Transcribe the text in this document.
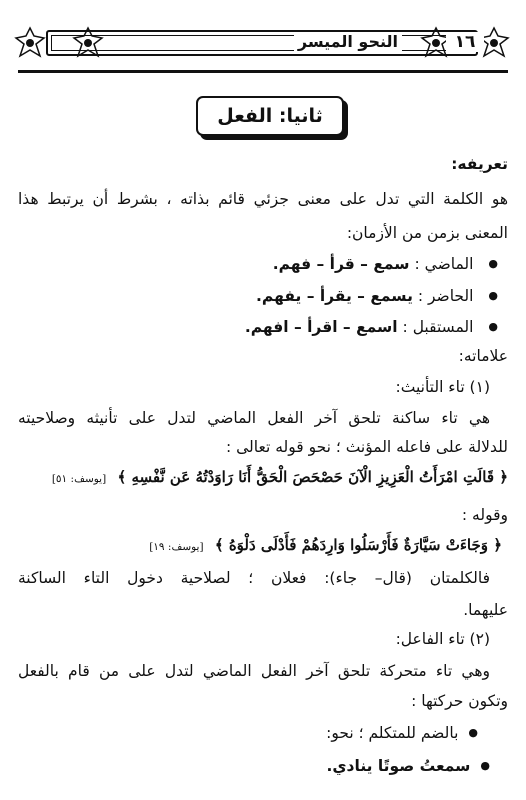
١٦
النحو الميسر
ثانيا: الفعل
تعريفه:
هو الكلمة التي تدل على معنى جزئي قائم بذاته ، بشرط أن يرتبط هذا
المعنى بزمن من الأزمان:
● الماضي : سمع – قرأ – فهم.
● الحاضر : يسمع – يقرأ – يفهم.
● المستقبل : اسمع – اقرأ – افهم.
علاماته:
(١) تاء التأنيث:
هي تاء ساكنة تلحق آخر الفعل الماضي لتدل على تأنيثه وصلاحيته
للدلالة على فاعله المؤنث ؛ نحو قوله تعالى :
﴿ قَالَتِ امْرَأَتُ الْعَزِيزِ الْآنَ حَصْحَصَ الْحَقُّ أَنَا رَاوَدْتُهُ عَن نَّفْسِهِ ﴾ [يوسف: ٥١]
وقوله :
﴿ وَجَاءَتْ سَيَّارَةٌ فَأَرْسَلُوا وَارِدَهُمْ فَأَدْلَى دَلْوَهُ ﴾ [يوسف: ١٩]
فالكلمتان (قال– جاء): فعلان ؛ لصلاحية دخول التاء الساكنة
عليهما.
(٢) تاء الفاعل:
وهي تاء متحركة تلحق آخر الفعل الماضي لتدل على من قام بالفعل
وتكون حركتها :
● بالضم للمتكلم ؛ نحو:
● سمعتُ صوتًا ينادي.
